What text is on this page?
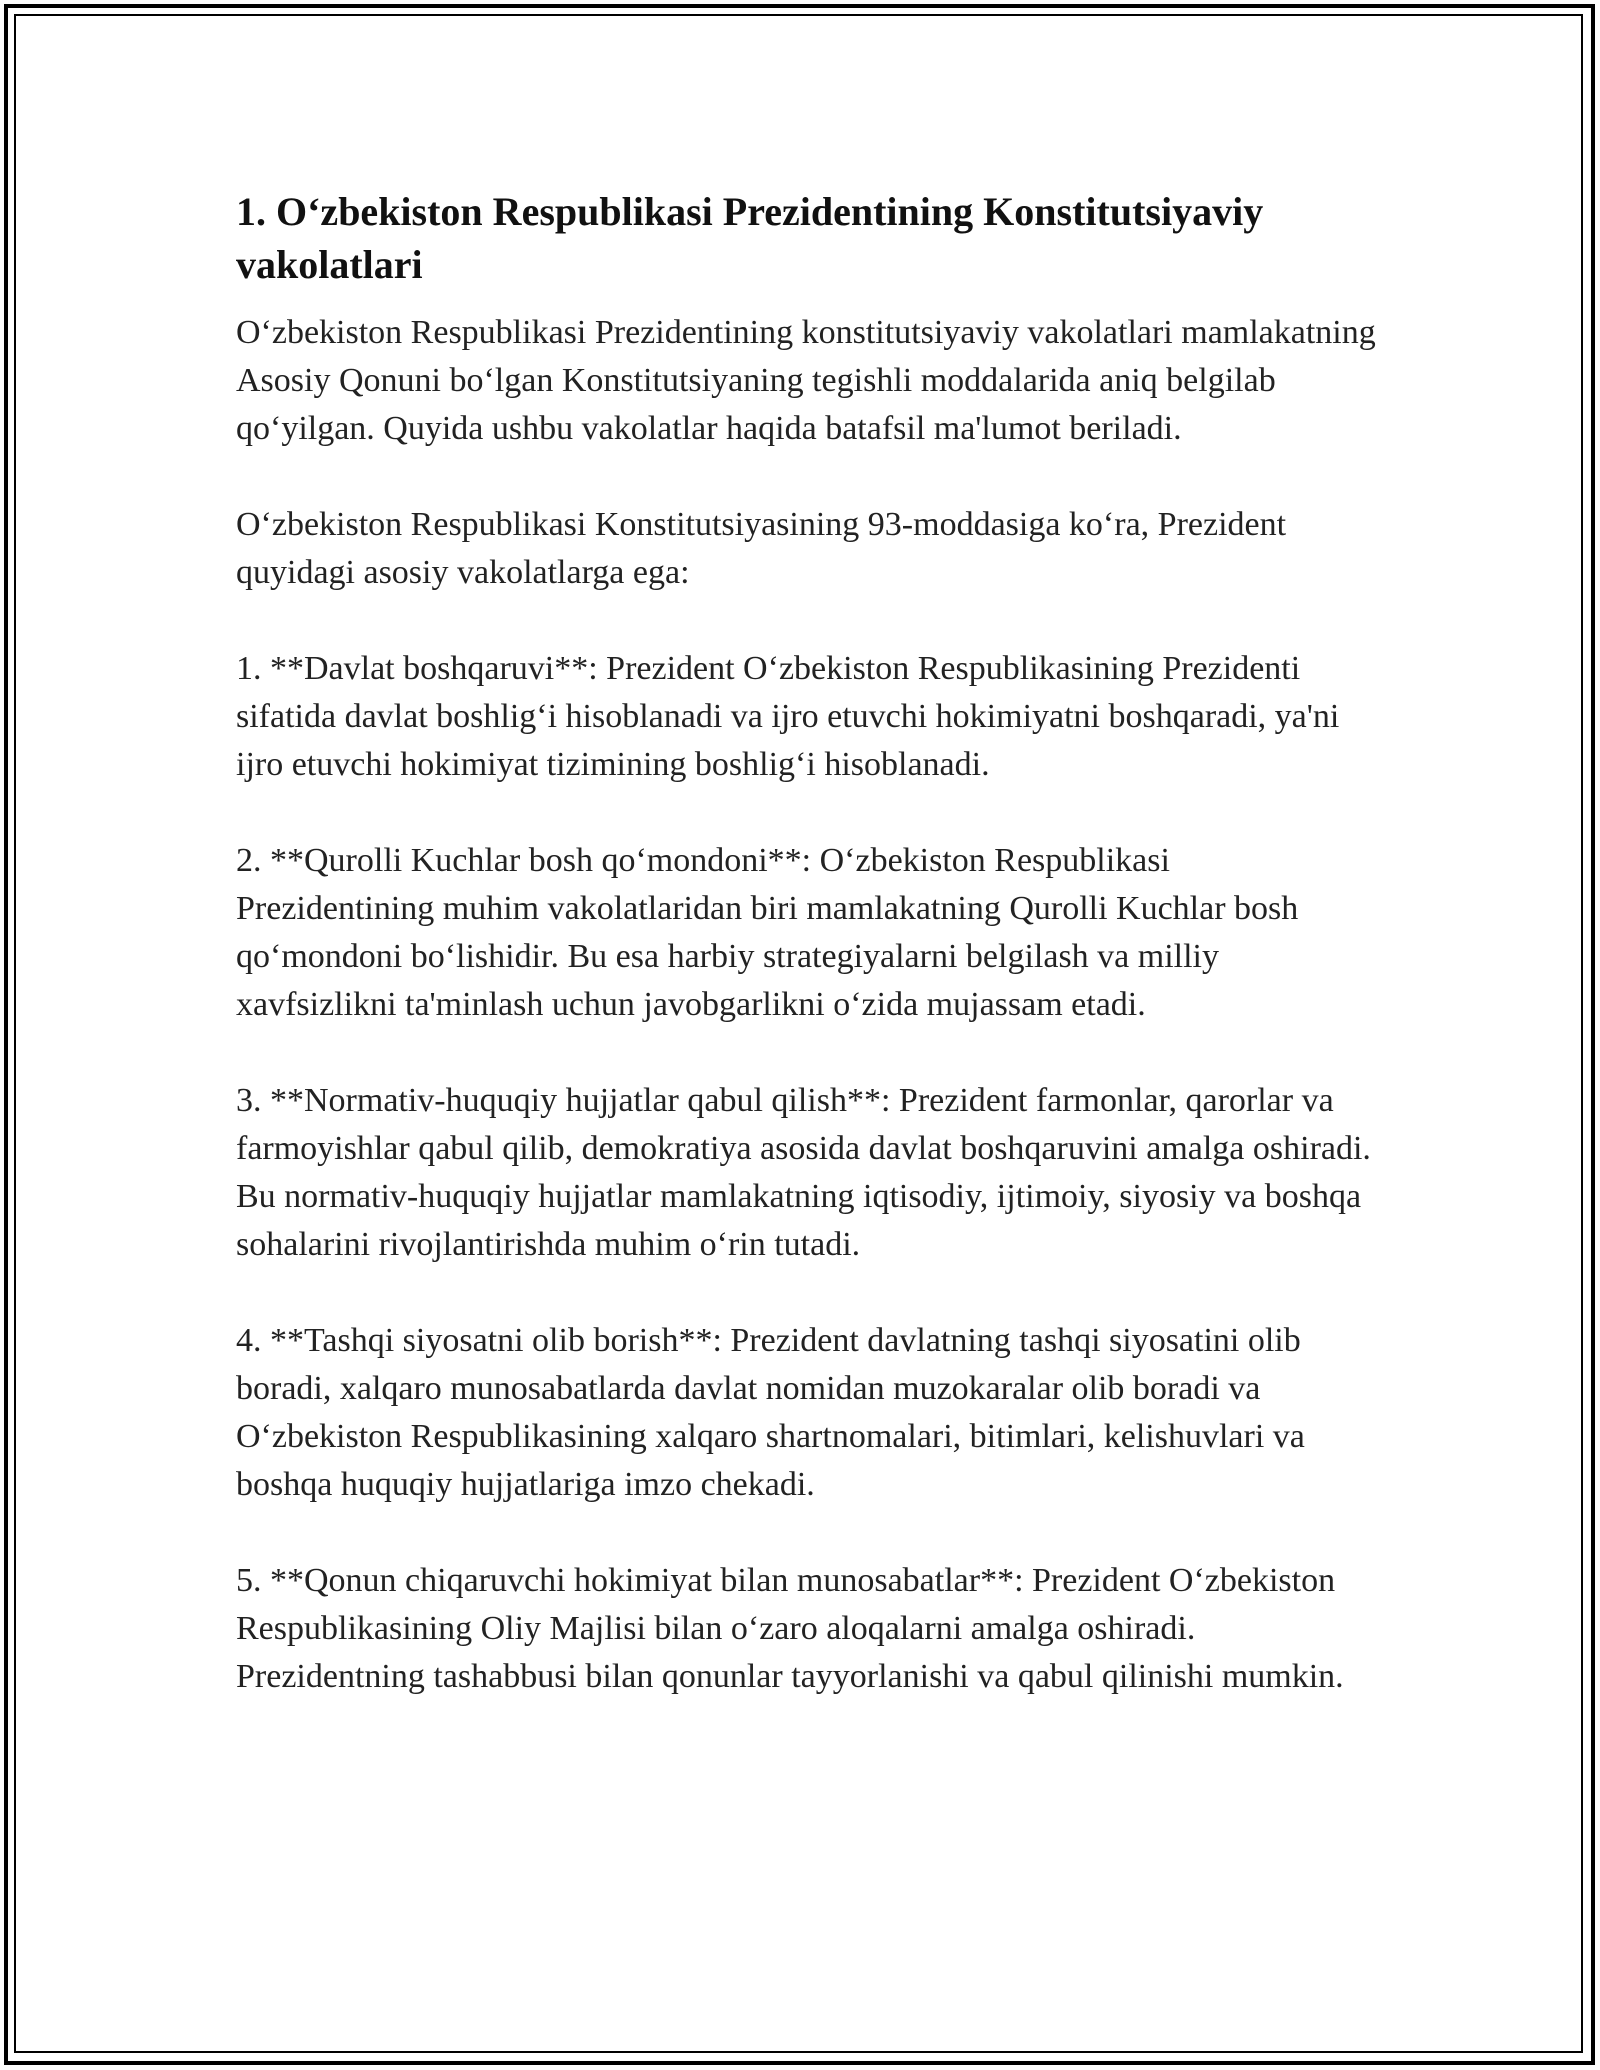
1. O‘zbekiston Respublikasi Prezidentining Konstitutsiyaviy vakolatlari

O‘zbekiston Respublikasi Prezidentining konstitutsiyaviy vakolatlari mamlakatning Asosiy Qonuni bo‘lgan Konstitutsiyaning tegishli moddalarida aniq belgilab qo‘yilgan. Quyida ushbu vakolatlar haqida batafsil ma'lumot beriladi.

O‘zbekiston Respublikasi Konstitutsiyasining 93-moddasiga ko‘ra, Prezident quyidagi asosiy vakolatlarga ega:

1. **Davlat boshqaruvi**: Prezident O‘zbekiston Respublikasining Prezidenti sifatida davlat boshlig‘i hisoblanadi va ijro etuvchi hokimiyatni boshqaradi, ya'ni ijro etuvchi hokimiyat tizimining boshlig‘i hisoblanadi.

2. **Qurolli Kuchlar bosh qo‘mondoni**: O‘zbekiston Respublikasi Prezidentining muhim vakolatlaridan biri mamlakatning Qurolli Kuchlar bosh qo‘mondoni bo‘lishidir. Bu esa harbiy strategiyalarni belgilash va milliy xavfsizlikni ta'minlash uchun javobgarlikni o‘zida mujassam etadi.

3. **Normativ-huquqiy hujjatlar qabul qilish**: Prezident farmonlar, qarorlar va farmoyishlar qabul qilib, demokratiya asosida davlat boshqaruvini amalga oshiradi. Bu normativ-huquqiy hujjatlar mamlakatning iqtisodiy, ijtimoiy, siyosiy va boshqa sohalarini rivojlantirishda muhim o‘rin tutadi.

4. **Tashqi siyosatni olib borish**: Prezident davlatning tashqi siyosatini olib boradi, xalqaro munosabatlarda davlat nomidan muzokaralar olib boradi va O‘zbekiston Respublikasining xalqaro shartnomalari, bitimlari, kelishuvlari va boshqa huquqiy hujjatlariga imzo chekadi.

5. **Qonun chiqaruvchi hokimiyat bilan munosabatlar**: Prezident O‘zbekiston Respublikasining Oliy Majlisi bilan o‘zaro aloqalarni amalga oshiradi. Prezidentning tashabbusi bilan qonunlar tayyorlanishi va qabul qilinishi mumkin.
